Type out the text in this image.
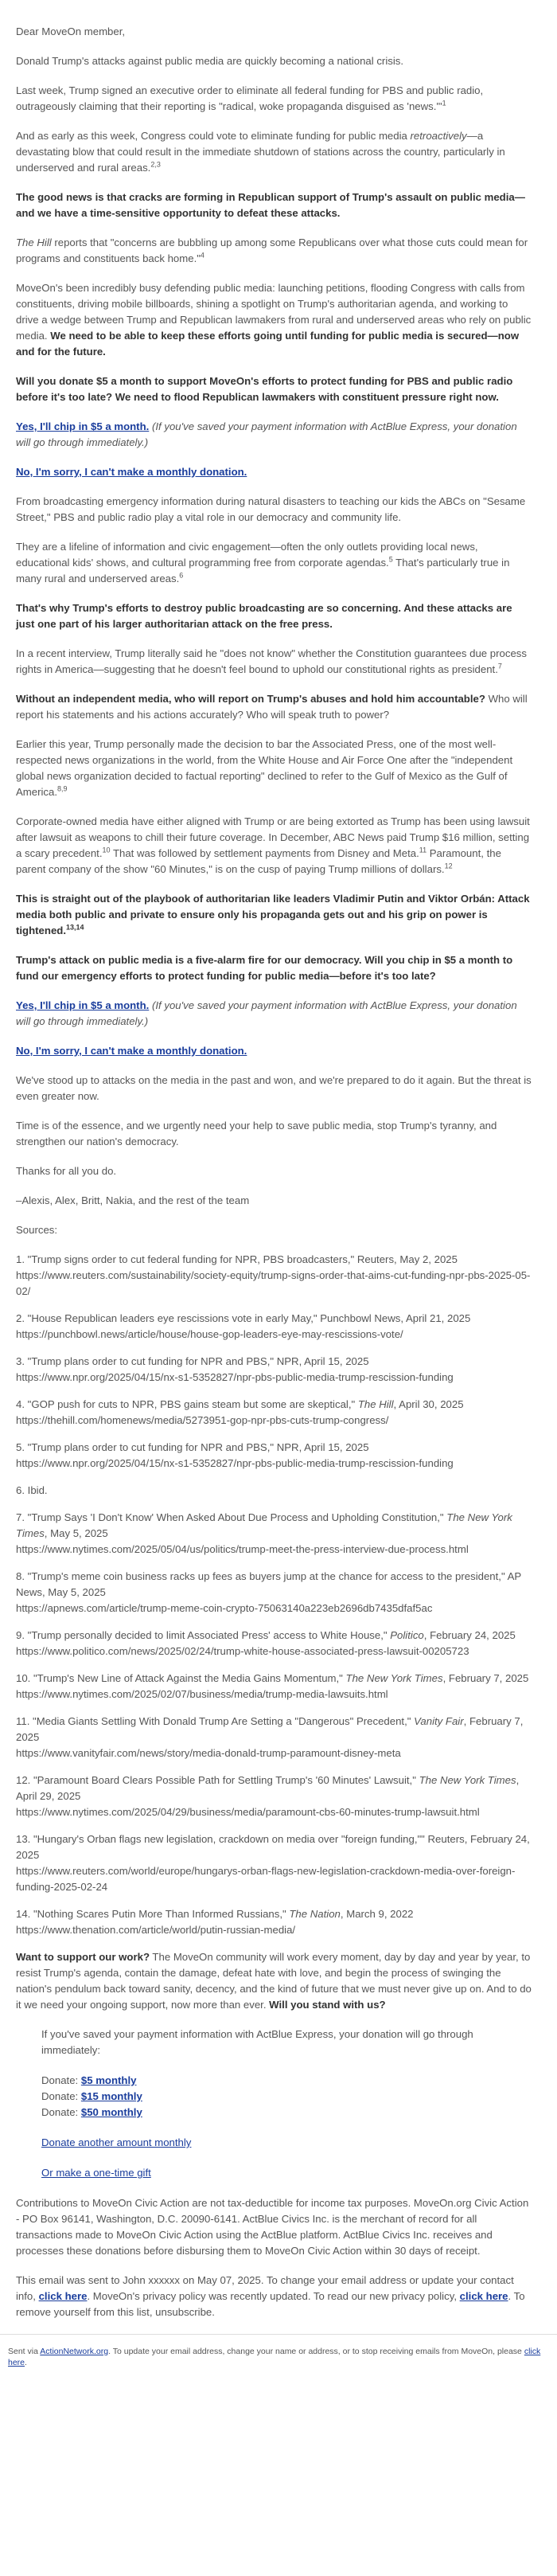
Dear MoveOn member,

Donald Trump's attacks against public media are quickly becoming a national crisis.

Last week, Trump signed an executive order to eliminate all federal funding for PBS and public radio, outrageously claiming that their reporting is "radical, woke propaganda disguised as 'news.'"$^1$

And as early as this week, Congress could vote to eliminate funding for public media retroactively—a devastating blow that could result in the immediate shutdown of stations across the country, particularly in underserved and rural areas.$^{2,3}$

The good news is that cracks are forming in Republican support of Trump's assault on public media—and we have a time-sensitive opportunity to defeat these attacks.

The Hill reports that "concerns are bubbling up among some Republicans over what those cuts could mean for programs and constituents back home."$^4$

MoveOn's been incredibly busy defending public media: launching petitions, flooding Congress with calls from constituents, driving mobile billboards, shining a spotlight on Trump's authoritarian agenda, and working to drive a wedge between Trump and Republican lawmakers from rural and underserved areas who rely on public media. We need to be able to keep these efforts going until funding for public media is secured—now and for the future.

Will you donate $5 a month to support MoveOn's efforts to protect funding for PBS and public radio before it's too late? We need to flood Republican lawmakers with constituent pressure right now.

Yes, I'll chip in $5 a month. (If you've saved your payment information with ActBlue Express, your donation will go through immediately.)

No, I'm sorry, I can't make a monthly donation.

From broadcasting emergency information during natural disasters to teaching our kids the ABCs on "Sesame Street," PBS and public radio play a vital role in our democracy and community life.

They are a lifeline of information and civic engagement—often the only outlets providing local news, educational kids' shows, and cultural programming free from corporate agendas.$^5$ That's particularly true in many rural and underserved areas.$^6$

That's why Trump's efforts to destroy public broadcasting are so concerning. And these attacks are just one part of his larger authoritarian attack on the free press.

In a recent interview, Trump literally said he "does not know" whether the Constitution guarantees due process rights in America—suggesting that he doesn't feel bound to uphold our constitutional rights as president.$^7$

Without an independent media, who will report on Trump's abuses and hold him accountable? Who will report his statements and his actions accurately? Who will speak truth to power?

Earlier this year, Trump personally made the decision to bar the Associated Press, one of the most well-respected news organizations in the world, from the White House and Air Force One after the "independent global news organization decided to factual reporting" declined to refer to the Gulf of Mexico as the Gulf of America.$^{8,9}$

Corporate-owned media have either aligned with Trump or are being extorted as Trump has been using lawsuit after lawsuit as weapons to chill their future coverage. In December, ABC News paid Trump $16 million, setting a scary precedent.$^{10}$ That was followed by settlement payments from Disney and Meta.$^{11}$ Paramount, the parent company of the show "60 Minutes," is on the cusp of paying Trump millions of dollars.$^{12}$

This is straight out of the playbook of authoritarian like leaders Vladimir Putin and Viktor Orbán: Attack media both public and private to ensure only his propaganda gets out and his grip on power is tightened.$^{13,14}$

Trump's attack on public media is a five-alarm fire for our democracy. Will you chip in $5 a month to fund our emergency efforts to protect funding for public media—before it's too late?

Yes, I'll chip in $5 a month. (If you've saved your payment information with ActBlue Express, your donation will go through immediately.)

No, I'm sorry, I can't make a monthly donation.

We've stood up to attacks on the media in the past and won, and we're prepared to do it again. But the threat is even greater now.

Time is of the essence, and we urgently need your help to save public media, stop Trump's tyranny, and strengthen our nation's democracy.

Thanks for all you do.

–Alexis, Alex, Britt, Nakia, and the rest of the team

Sources:

1. "Trump signs order to cut federal funding for NPR, PBS broadcasters," Reuters, May 2, 2025
https://www.reuters.com/sustainability/society-equity/trump-signs-order-that-aims-cut-funding-npr-pbs-2025-05-02/

2. "House Republican leaders eye rescissions vote in early May," Punchbowl News, April 21, 2025
https://punchbowl.news/article/house/house-gop-leaders-eye-may-rescissions-vote/

3. "Trump plans order to cut funding for NPR and PBS," NPR, April 15, 2025
https://www.npr.org/2025/04/15/nx-s1-5352827/npr-pbs-public-media-trump-rescission-funding

4. "GOP push for cuts to NPR, PBS gains steam but some are skeptical," The Hill, April 30, 2025
https://thehill.com/homenews/media/5273951-gop-npr-pbs-cuts-trump-congress/

5. "Trump plans order to cut funding for NPR and PBS," NPR, April 15, 2025
https://www.npr.org/2025/04/15/nx-s1-5352827/npr-pbs-public-media-trump-rescission-funding

6. Ibid.

7. "Trump Says 'I Don't Know' When Asked About Due Process and Upholding Constitution," The New York Times, May 5, 2025
https://www.nytimes.com/2025/05/04/us/politics/trump-meet-the-press-interview-due-process.html

8. "Trump's meme coin business racks up fees as buyers jump at the chance for access to the president," AP News, May 5, 2025
https://apnews.com/article/trump-meme-coin-crypto-75063140a223eb2696db7435dfaf5ac

9. "Trump personally decided to limit Associated Press' access to White House," Politico, February 24, 2025
https://www.politico.com/news/2025/02/24/trump-white-house-associated-press-lawsuit-00205723

10. "Trump's New Line of Attack Against the Media Gains Momentum," The New York Times, February 7, 2025
https://www.nytimes.com/2025/02/07/business/media/trump-media-lawsuits.html

11. "Media Giants Settling With Donald Trump Are Setting a "Dangerous" Precedent," Vanity Fair, February 7, 2025
https://www.vanityfair.com/news/story/media-donald-trump-paramount-disney-meta

12. "Paramount Board Clears Possible Path for Settling Trump's '60 Minutes' Lawsuit," The New York Times, April 29, 2025
https://www.nytimes.com/2025/04/29/business/media/paramount-cbs-60-minutes-trump-lawsuit.html

13. "Hungary's Orban flags new legislation, crackdown on media over "foreign funding,"" Reuters, February 24, 2025
https://www.reuters.com/world/europe/hungarys-orban-flags-new-legislation-crackdown-media-over-foreign-funding-2025-02-24

14. "Nothing Scares Putin More Than Informed Russians," The Nation, March 9, 2022
https://www.thenation.com/article/world/putin-russian-media/

Want to support our work? The MoveOn community will work every moment, day by day and year by year, to resist Trump's agenda, contain the damage, defeat hate with love, and begin the process of swinging the nation's pendulum back toward sanity, decency, and the kind of future that we must never give up on. And to do it we need your ongoing support, now more than ever. Will you stand with us?

If you've saved your payment information with ActBlue Express, your donation will go through immediately:

Donate: $5 monthly

Donate: $15 monthly

Donate: $50 monthly

Donate another amount monthly

Or make a one-time gift

Contributions to MoveOn Civic Action are not tax-deductible for income tax purposes. MoveOn.org Civic Action - PO Box 96141, Washington, D.C. 20090-6141. ActBlue Civics Inc. is the merchant of record for all transactions made to MoveOn Civic Action using the ActBlue platform. ActBlue Civics Inc. receives and processes these donations before disbursing them to MoveOn Civic Action within 30 days of receipt.

This email was sent to John xxxxxx on May 07, 2025. To change your email address or update your contact info, click here. MoveOn's privacy policy was recently updated. To read our new privacy policy, click here. To remove yourself from this list, unsubscribe.

Sent via ActionNetwork.org. To update your email address, change your name or address, or to stop receiving emails from MoveOn, please click here.
